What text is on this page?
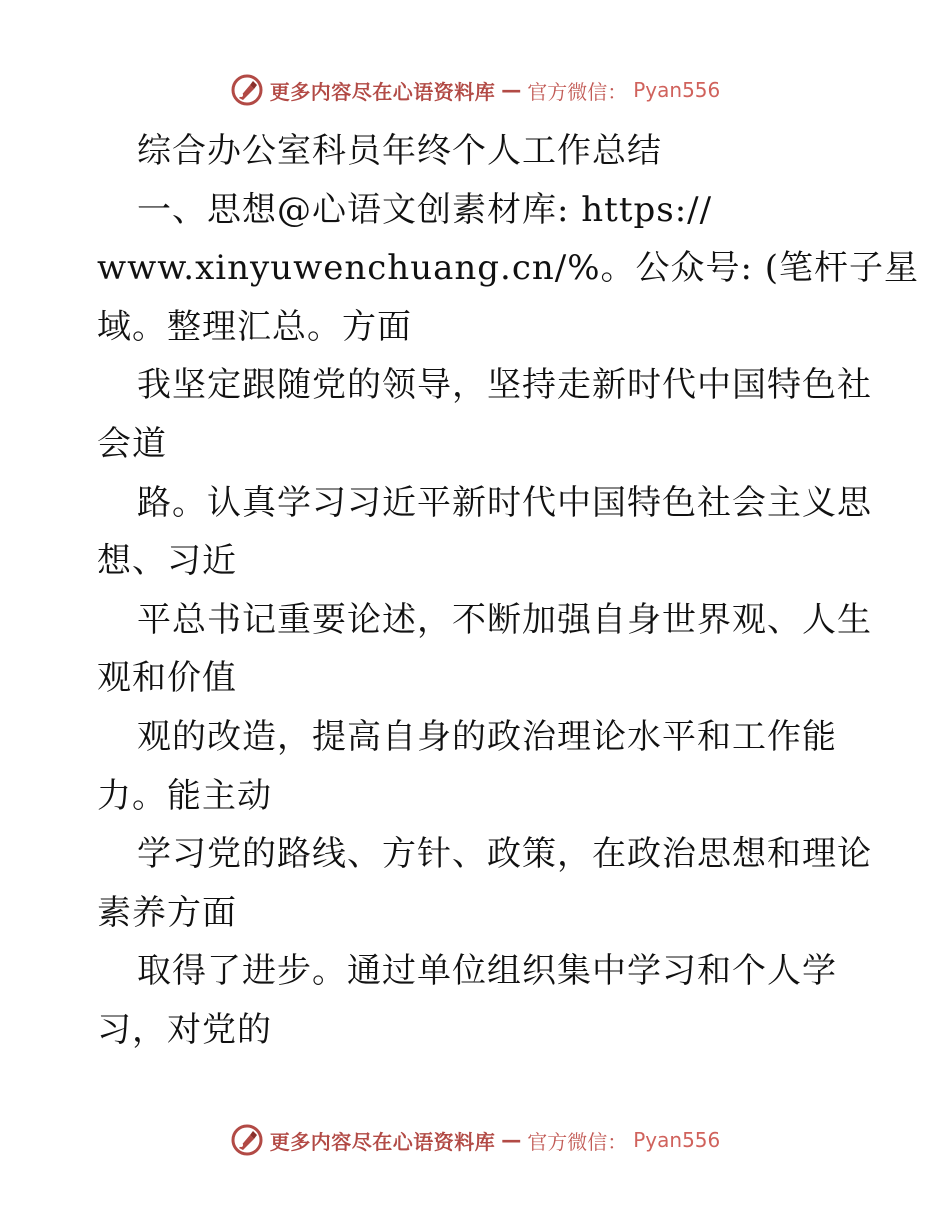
更多内容尽在心语资料库 — 官方微信： Pyan556
综合办公室科员年终个人工作总结
一、思想@心语文创素材库: https://
www.xinyuwenchuang.cn/%。公众号: (笔杆子星
域。整理汇总。方面
我坚定跟随党的领导，坚持走新时代中国特色社
会道
路。认真学习习近平新时代中国特色社会主义思
想、习近
平总书记重要论述，不断加强自身世界观、人生
观和价值
观的改造，提高自身的政治理论水平和工作能
力。能主动
学习党的路线、方针、政策，在政治思想和理论
素养方面
取得了进步。通过单位组织集中学习和个人学
习，对党的
更多内容尽在心语资料库 — 官方微信： Pyan556
